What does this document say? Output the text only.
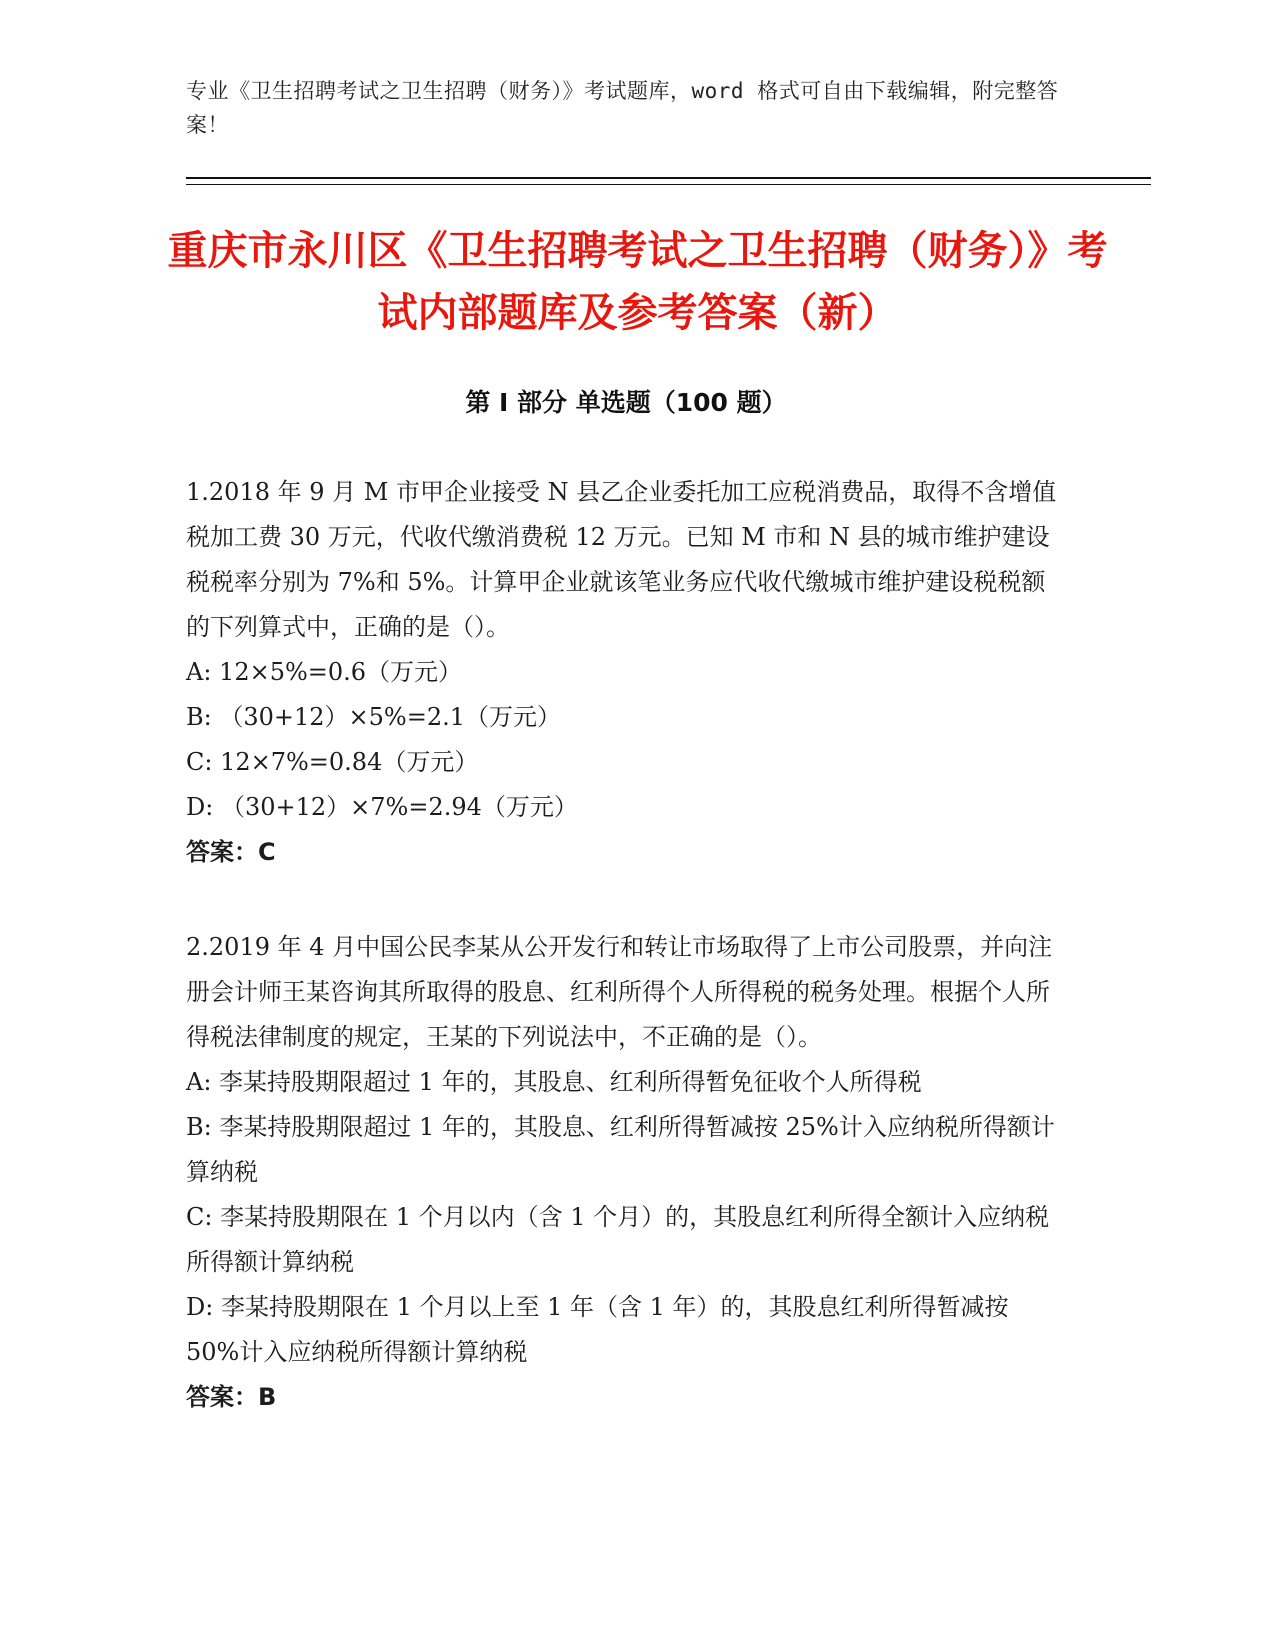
专业《卫生招聘考试之卫生招聘（财务）》考试题库，word 格式可自由下载编辑，附完整答案！
重庆市永川区《卫生招聘考试之卫生招聘（财务）》考试内部题库及参考答案（新）
第 I 部分 单选题（100 题）

1.2018 年 9 月 M 市甲企业接受 N 县乙企业委托加工应税消费品，取得不含增值税加工费 30 万元，代收代缴消费税 12 万元。已知 M 市和 N 县的城市维护建设税税率分别为 7%和 5%。计算甲企业就该笔业务应代收代缴城市维护建设税税额的下列算式中，正确的是（）。

A: 12×5%=0.6（万元）

B: （30+12）×5%=2.1（万元）

C: 12×7%=0.84（万元）

D: （30+12）×7%=2.94（万元）

答案：C

2.2019 年 4 月中国公民李某从公开发行和转让市场取得了上市公司股票，并向注册会计师王某咨询其所取得的股息、红利所得个人所得税的税务处理。根据个人所得税法律制度的规定，王某的下列说法中，不正确的是（）。

A: 李某持股期限超过 1 年的，其股息、红利所得暂免征收个人所得税

B: 李某持股期限超过 1 年的，其股息、红利所得暂减按 25%计入应纳税所得额计算纳税

C: 李某持股期限在 1 个月以内（含 1 个月）的，其股息红利所得全额计入应纳税所得额计算纳税

D: 李某持股期限在 1 个月以上至 1 年（含 1 年）的，其股息红利所得暂减按 50%计入应纳税所得额计算纳税

答案：B
